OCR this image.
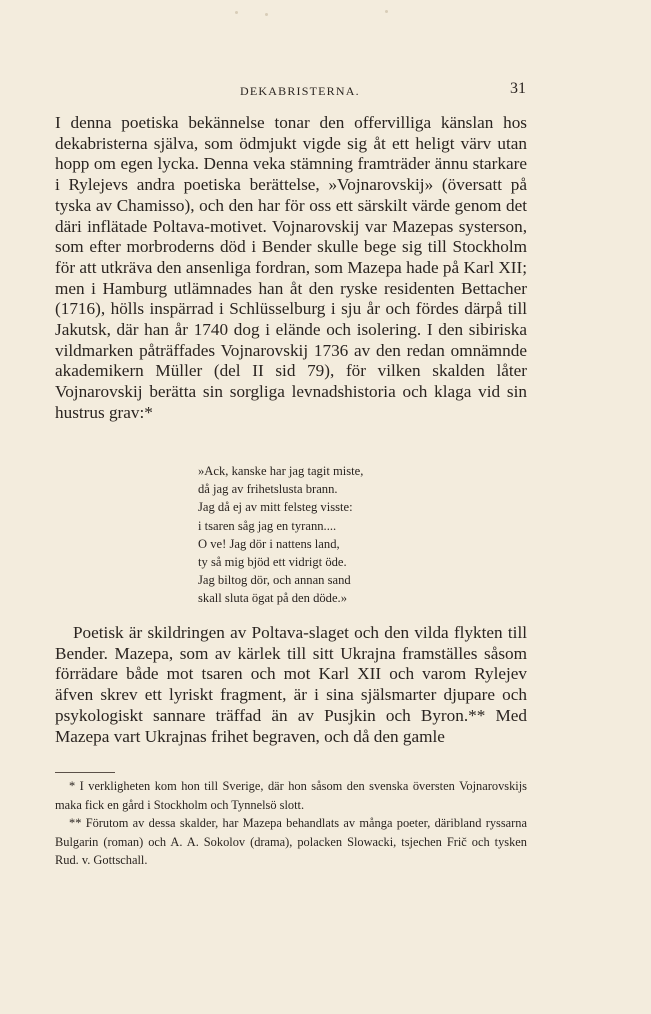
DEKABRISTERNA.	31

I denna poetiska bekännelse tonar den offervilliga känslan hos dekabristerna själva, som ödmjukt vigde sig åt ett heligt värv utan hopp om egen lycka. Denna veka stämning framträder ännu starkare i Rylejevs andra poetiska berättelse, »Vojnarovskij» (översatt på tyska av Chamisso), och den har för oss ett särskilt värde genom det däri inflätade Poltava-motivet. Vojnarovskij var Mazepas systerson, som efter morbroderns död i Bender skulle bege sig till Stockholm för att utkräva den ansenliga fordran, som Mazepa hade på Karl XII; men i Hamburg utlämnades han åt den ryske residenten Bettacher (1716), hölls inspärrad i Schlüsselburg i sju år och fördes därpå till Jakutsk, där han år 1740 dog i elände och isolering. I den sibiriska vildmarken påträffades Vojnarovskij 1736 av den redan omnämnde akademikern Müller (del II sid 79), för vilken skalden låter Vojnarovskij berätta sin sorgliga levnadshistoria och klaga vid sin hustrus grav:*

»Ack, kanske har jag tagit miste,
då jag av frihetslusta brann.
Jag då ej av mitt felsteg visste:
i tsaren såg jag en tyrann....
O ve! Jag dör i nattens land,
ty så mig bjöd ett vidrigt öde.
Jag biltog dör, och annan sand
skall sluta ögat på den döde.»

Poetisk är skildringen av Poltava-slaget och den vilda flykten till Bender. Mazepa, som av kärlek till sitt Ukrajna framställes såsom förrädare både mot tsaren och mot Karl XII och varom Rylejev äfven skrev ett lyriskt fragment, är i sina själsmarter djupare och psykologiskt sannare träffad än av Pusjkin och Byron.** Med Mazepa vart Ukrajnas frihet begraven, och då den gamle

* I verkligheten kom hon till Sverige, där hon såsom den svenska översten Vojnarovskijs maka fick en gård i Stockholm och Tynnelsö slott.

** Förutom av dessa skalder, har Mazepa behandlats av många poeter, däribland ryssarna Bulgarin (roman) och A. A. Sokolov (drama), polacken Slowacki, tsjechen Frič och tysken Rud. v. Gottschall.
